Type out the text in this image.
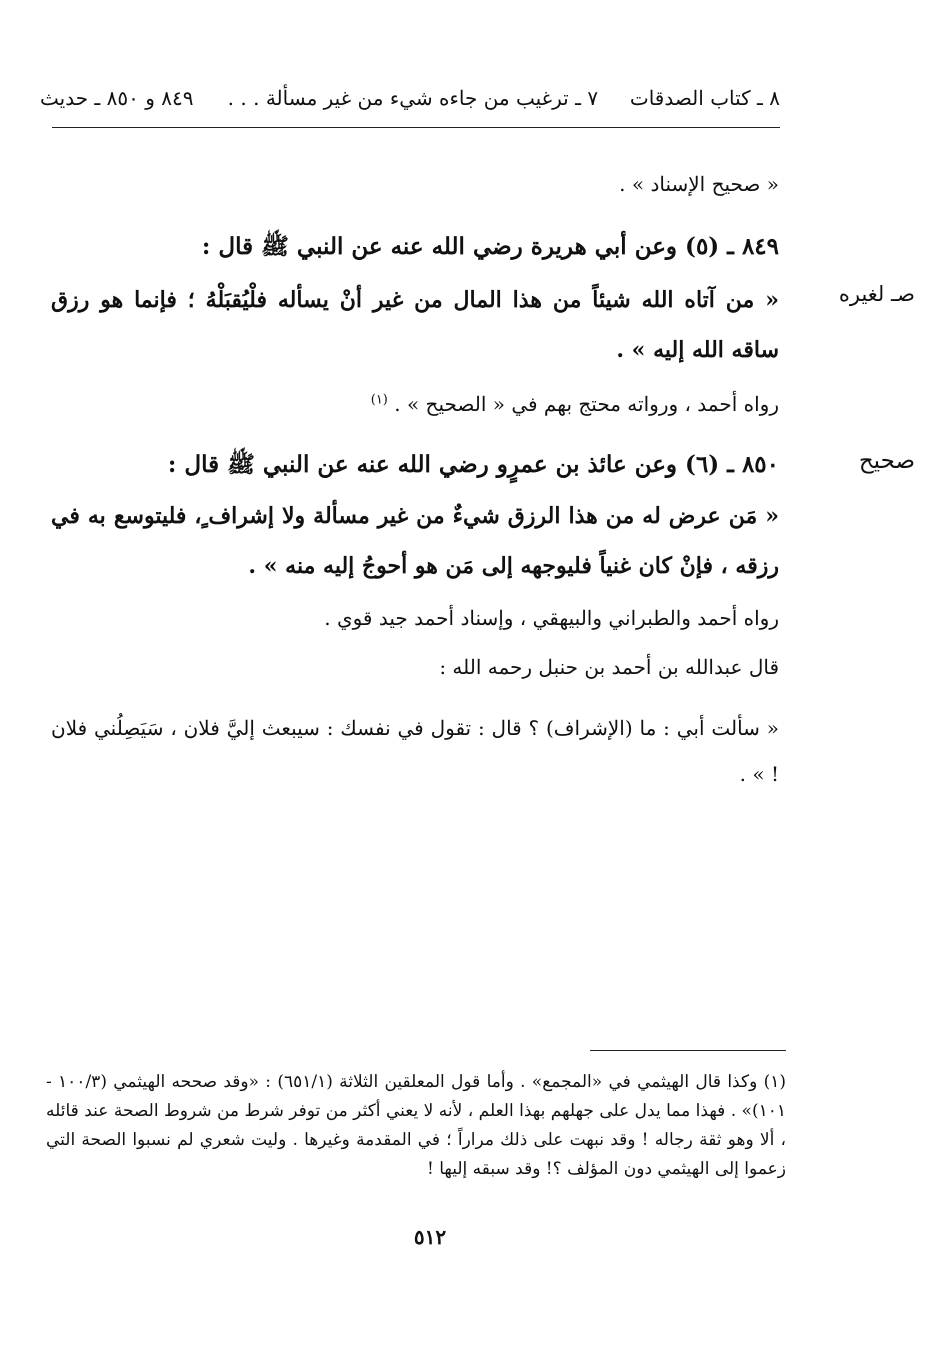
٨ ـ كتاب الصدقات     ٧ ـ ترغيب من جاءه شيء من غير مسألة . . .
٨٤٩ و ٨٥٠ ـ حديث
« صحيح الإسناد » .
٨٤٩ ـ (٥) وعن أبي هريرة رضي الله عنه عن النبي ﷺ قال :
صـ لغيره
« من آتاه الله شيئاً من هذا المال من غير أنْ يسأله فلْيُقبَلْهُ ؛ فإنما هو رزق ساقه الله إليه » .
رواه أحمد ، ورواته محتج بهم في « الصحيح » . $^{(١)}$
صحيح
٨٥٠ ـ (٦) وعن عائذ بن عمرٍو رضي الله عنه عن النبي ﷺ قال :
« مَن عرض له من هذا الرزق شيءٌ من غير مسألة ولا إشراف ٍ، فليتوسع به في رزقه ، فإنْ كان غنياً فليوجهه إلى مَن هو أحوجُ إليه منه » .
رواه أحمد والطبراني والبيهقي ، وإسناد أحمد جيد قوي .
قال عبدالله بن أحمد بن حنبل رحمه الله :
« سألت أبي : ما (الإشراف) ؟ قال : تقول في نفسك : سيبعث إليَّ فلان ، سَيَصِلُني فلان ! » .
(١) وكذا قال الهيثمي في «المجمع» . وأما قول المعلقين الثلاثة (٦٥١/١) : «وقد صححه الهيثمي (١٠٠/٣ - ١٠١)» . فهذا مما يدل على جهلهم بهذا العلم ، لأنه لا يعني أكثر من توفر شرط من شروط الصحة عند قائله ، ألا وهو ثقة رجاله ! وقد نبهت على ذلك مراراً ؛ في المقدمة وغيرها . وليت شعري لم نسبوا الصحة التي زعموا إلى الهيثمي دون المؤلف ؟! وقد سبقه إليها !
٥١٢
